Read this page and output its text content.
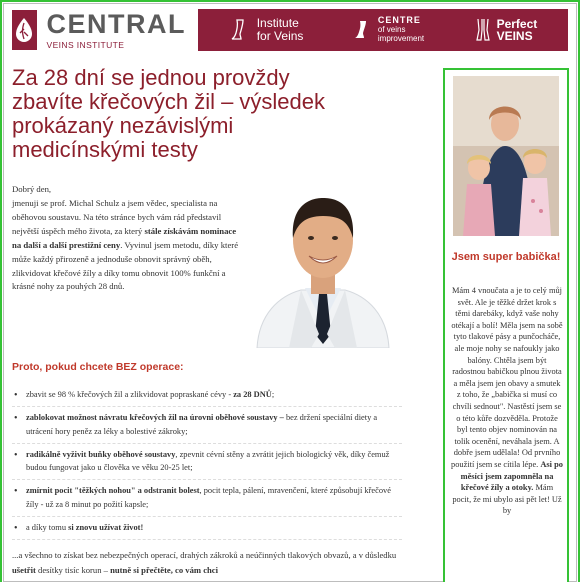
CENTRAL
VEINS INSTITUTE
Institute
for Veins
CENTRE
of veins
improvement
Perfect
VEINS
Za 28 dní se jednou provždy zbavíte křečových žil – výsledek prokázaný nezávislými medicínskými testy

Dobrý den,

jmenuji se prof. Michal Schulz a jsem vědec, specialista na oběhovou soustavu. Na této stránce bych vám rád představil největší úspěch mého života, za který stále získávám nominace na další a další prestižní ceny. Vyvinul jsem metodu, díky které může každý přirozeně a jednoduše obnovit správný oběh, zlikvidovat křečové žíly a díky tomu obnovit 100% funkční a krásné nohy za pouhých 28 dnů.

Proto, pokud chcete BEZ operace:
• zbavit se 98 % křečových žil a zlikvidovat popraskané cévy - za 28 DNŮ;
• zablokovat možnost návratu křečových žil na úrovni oběhové soustavy – bez držení speciální diety a utrácení hory peněz za léky a bolestivé zákroky;
• radikálně vyživit buňky oběhové soustavy, zpevnit cévní stěny a zvrátit jejich biologický věk, díky čemuž budou fungovat jako u člověka ve věku 20-25 let;
• zmírnit pocit "těžkých nohou" a odstranit bolest, pocit tepla, pálení, mravenčení, které způsobují křečové žíly - už za 8 minut po požití kapsle;
• a díky tomu si znovu užívat život!

...a všechno to získat bez nebezpečných operací, drahých zákroků a neúčinných tlakových obvazů, a v důsledku ušetřit desítky tisíc korun – nutně si přečtěte, co vám chci

Jsem super babička!

Mám 4 vnoučata a je to celý můj svět. Ale je těžké držet krok s těmi darebáky, když vaše nohy otékají a bolí! Měla jsem na sobě tyto tlakové pásy a punčocháče, ale moje nohy se nafoukly jako balóny. Chtěla jsem být radostnou babičkou plnou života a měla jsem jen obavy a smutek z toho, že „babička si musí co chvíli sednout". Nastěstí jsem se o této kůře dozvěděla. Protože byl tento objev nominován na tolik ocenění, neváhala jsem. A dobře jsem udělala! Od prvního použití jsem se cítila lépe. Asi po měsíci jsem zapomněla na křečové žíly a otoky. Mám pocit, že mi ubylo asi pět let! Už by
